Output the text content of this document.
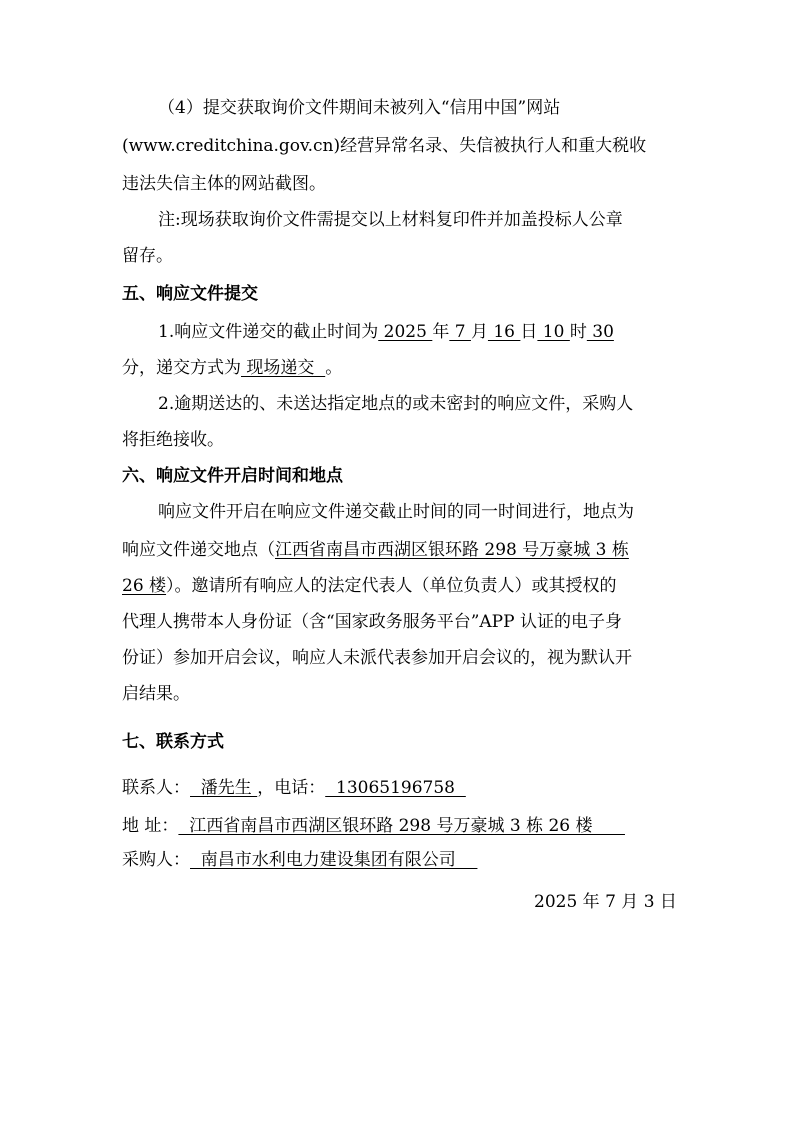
（4）提交获取询价文件期间未被列入“信用中国”网站
(www.creditchina.gov.cn)经营异常名录、失信被执行人和重大税收
违法失信主体的网站截图。
注:现场获取询价文件需提交以上材料复印件并加盖投标人公章
留存。
五、响应文件提交
1.响应文件递交的截止时间为 2025 年 7 月 16 日 10 时 30
分，递交方式为 现场递交  。
2.逾期送达的、未送达指定地点的或未密封的响应文件，采购人
将拒绝接收。
六、响应文件开启时间和地点
响应文件开启在响应文件递交截止时间的同一时间进行，地点为
响应文件递交地点（江西省南昌市西湖区银环路 298 号万豪城 3 栋
26 楼）。邀请所有响应人的法定代表人（单位负责人）或其授权的
代理人携带本人身份证（含“国家政务服务平台”APP 认证的电子身
份证）参加开启会议，响应人未派代表参加开启会议的，视为默认开
启结果。
七、联系方式
联系人：  潘先生 ，电话：  13065196758
地 址：  江西省南昌市西湖区银环路 298 号万豪城 3 栋 26 楼
采购人：  南昌市水利电力建设集团有限公司
2025 年 7 月 3 日
